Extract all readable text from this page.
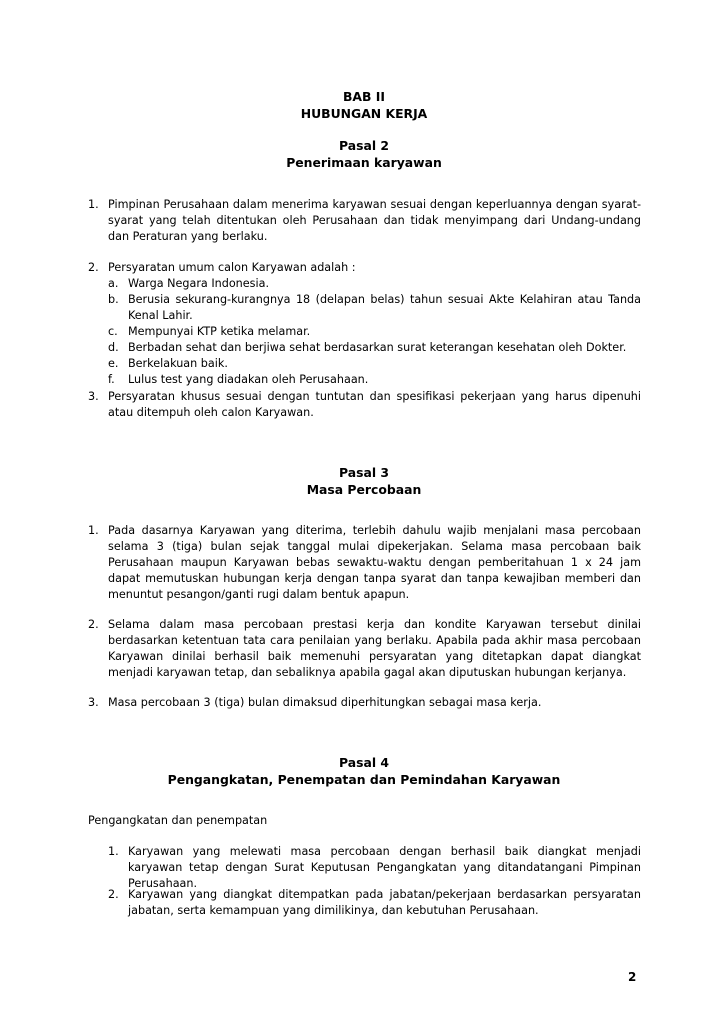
BAB II
HUBUNGAN KERJA
Pasal 2
Penerimaan karyawan
1. Pimpinan Perusahaan dalam menerima karyawan sesuai dengan keperluannya dengan syarat-syarat yang telah ditentukan oleh Perusahaan dan tidak menyimpang dari Undang-undang dan Peraturan yang berlaku.
2. Persyaratan umum calon Karyawan adalah :
a. Warga Negara Indonesia.
b. Berusia sekurang-kurangnya 18 (delapan belas) tahun sesuai Akte Kelahiran atau Tanda Kenal Lahir.
c. Mempunyai KTP ketika melamar.
d. Berbadan sehat dan berjiwa sehat berdasarkan surat keterangan kesehatan oleh Dokter.
e. Berkelakuan baik.
f. Lulus test yang diadakan oleh Perusahaan.
3. Persyaratan khusus sesuai dengan tuntutan dan spesifikasi pekerjaan yang harus dipenuhi atau ditempuh oleh calon Karyawan.
Pasal 3
Masa Percobaan
1. Pada dasarnya Karyawan yang diterima, terlebih dahulu wajib menjalani masa percobaan selama 3 (tiga) bulan sejak tanggal mulai dipekerjakan. Selama masa percobaan baik Perusahaan maupun Karyawan bebas sewaktu-waktu dengan pemberitahuan 1 x 24 jam dapat memutuskan hubungan kerja dengan tanpa syarat dan tanpa kewajiban memberi dan menuntut pesangon/ganti rugi dalam bentuk apapun.
2. Selama dalam masa percobaan prestasi kerja dan kondite Karyawan tersebut dinilai berdasarkan ketentuan tata cara penilaian yang berlaku. Apabila pada akhir masa percobaan Karyawan dinilai berhasil baik memenuhi persyaratan yang ditetapkan dapat diangkat menjadi karyawan tetap, dan sebaliknya apabila gagal akan diputuskan hubungan kerjanya.
3. Masa percobaan 3 (tiga) bulan dimaksud diperhitungkan sebagai masa kerja.
Pasal 4
Pengangkatan, Penempatan dan Pemindahan Karyawan
Pengangkatan dan penempatan
1. Karyawan yang melewati masa percobaan dengan berhasil baik diangkat menjadi karyawan tetap dengan Surat Keputusan Pengangkatan yang ditandatangani Pimpinan Perusahaan.
2. Karyawan yang diangkat ditempatkan pada jabatan/pekerjaan berdasarkan persyaratan jabatan, serta kemampuan yang dimilikinya, dan kebutuhan Perusahaan.
2
